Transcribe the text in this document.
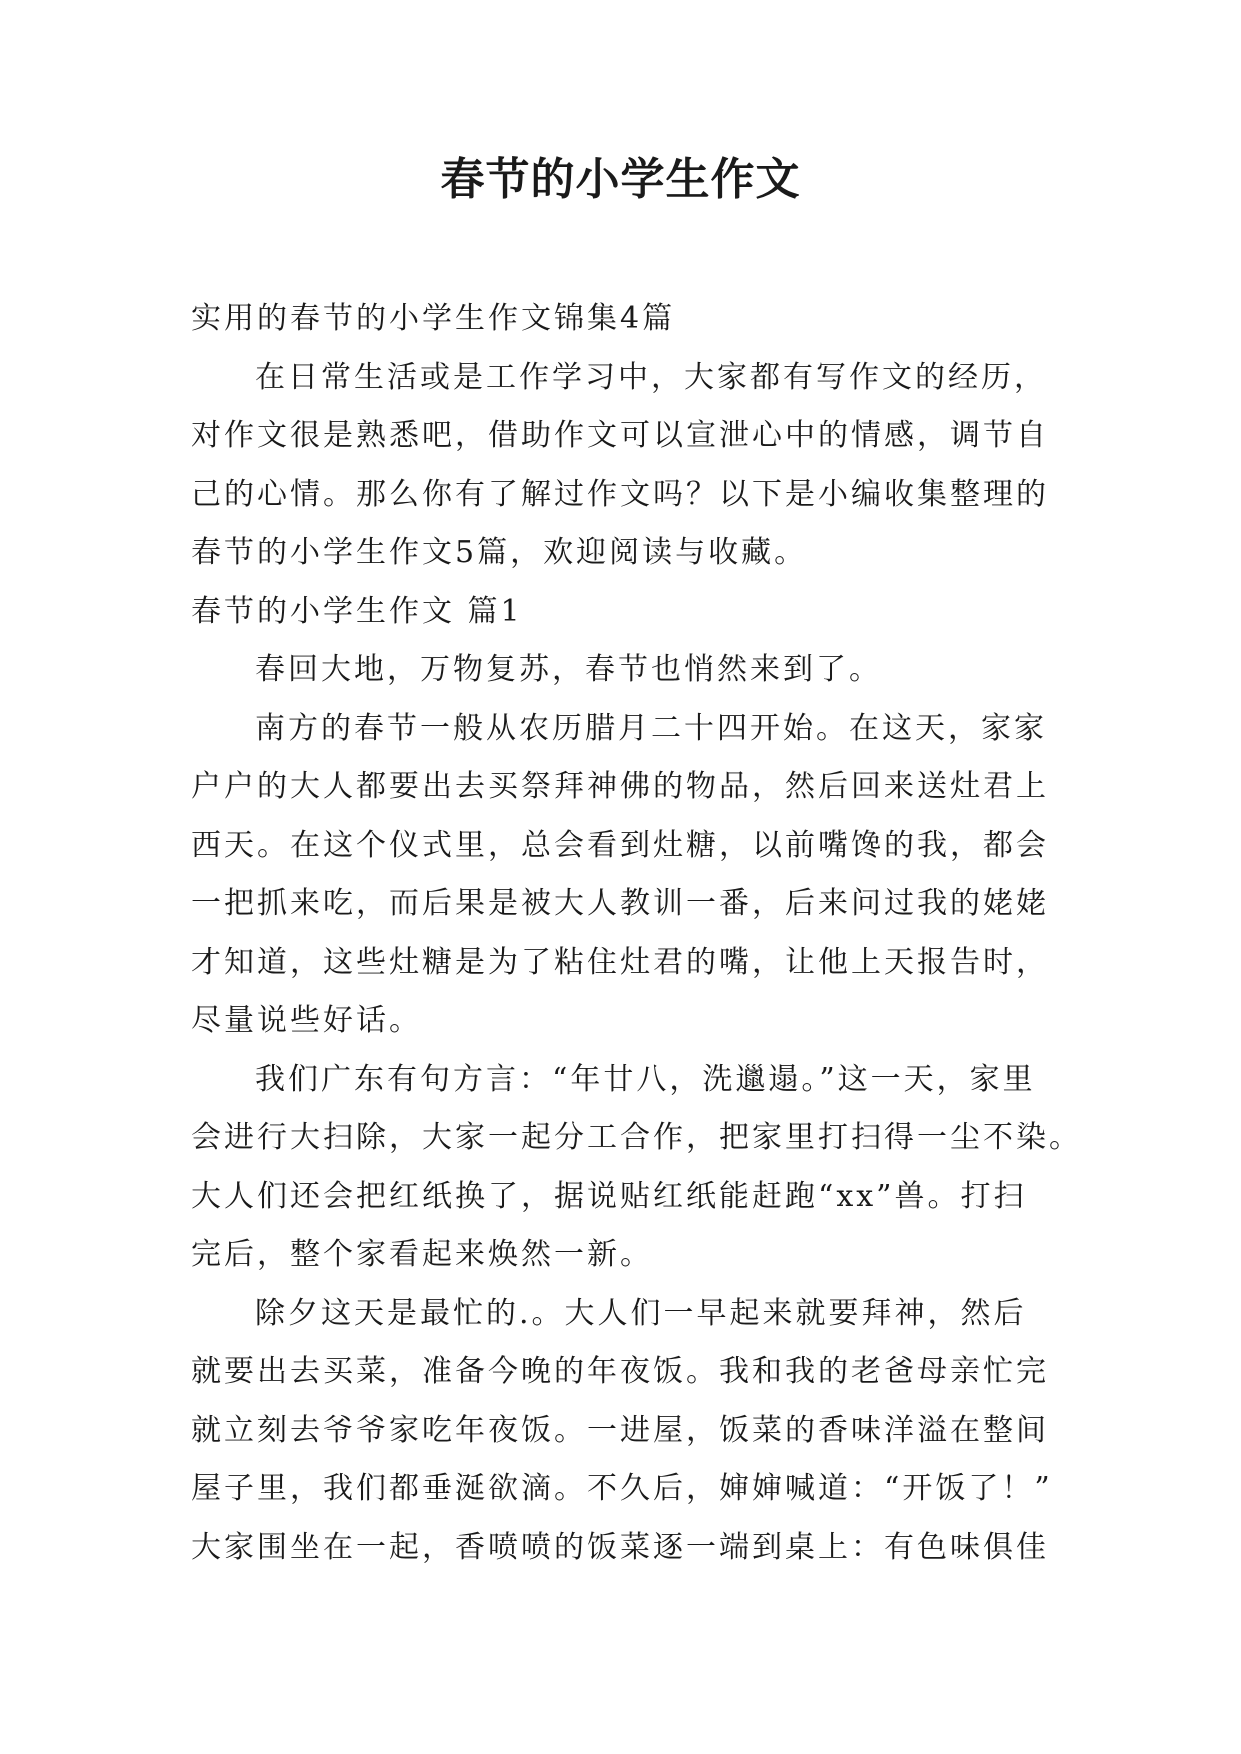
春节的小学生作文

实用的春节的小学生作文锦集4篇

在日常生活或是工作学习中，大家都有写作文的经历，

对作文很是熟悉吧，借助作文可以宣泄心中的情感，调节自

己的心情。那么你有了解过作文吗？以下是小编收集整理的

春节的小学生作文5篇，欢迎阅读与收藏。

春节的小学生作文 篇1

春回大地，万物复苏，春节也悄然来到了。

南方的春节一般从农历腊月二十四开始。在这天，家家

户户的大人都要出去买祭拜神佛的物品，然后回来送灶君上

西天。在这个仪式里，总会看到灶糖，以前嘴馋的我，都会

一把抓来吃，而后果是被大人教训一番，后来问过我的姥姥

才知道，这些灶糖是为了粘住灶君的嘴，让他上天报告时，

尽量说些好话。

我们广东有句方言：“年廿八，洗邋遢。”这一天，家里

会进行大扫除，大家一起分工合作，把家里打扫得一尘不染。

大人们还会把红纸换了，据说贴红纸能赶跑“xx”兽。打扫

完后，整个家看起来焕然一新。

除夕这天是最忙的.。大人们一早起来就要拜神，然后

就要出去买菜，准备今晚的年夜饭。我和我的老爸母亲忙完

就立刻去爷爷家吃年夜饭。一进屋，饭菜的香味洋溢在整间

屋子里，我们都垂涎欲滴。不久后，婶婶喊道：“开饭了！”

大家围坐在一起，香喷喷的饭菜逐一端到桌上：有色味俱佳
